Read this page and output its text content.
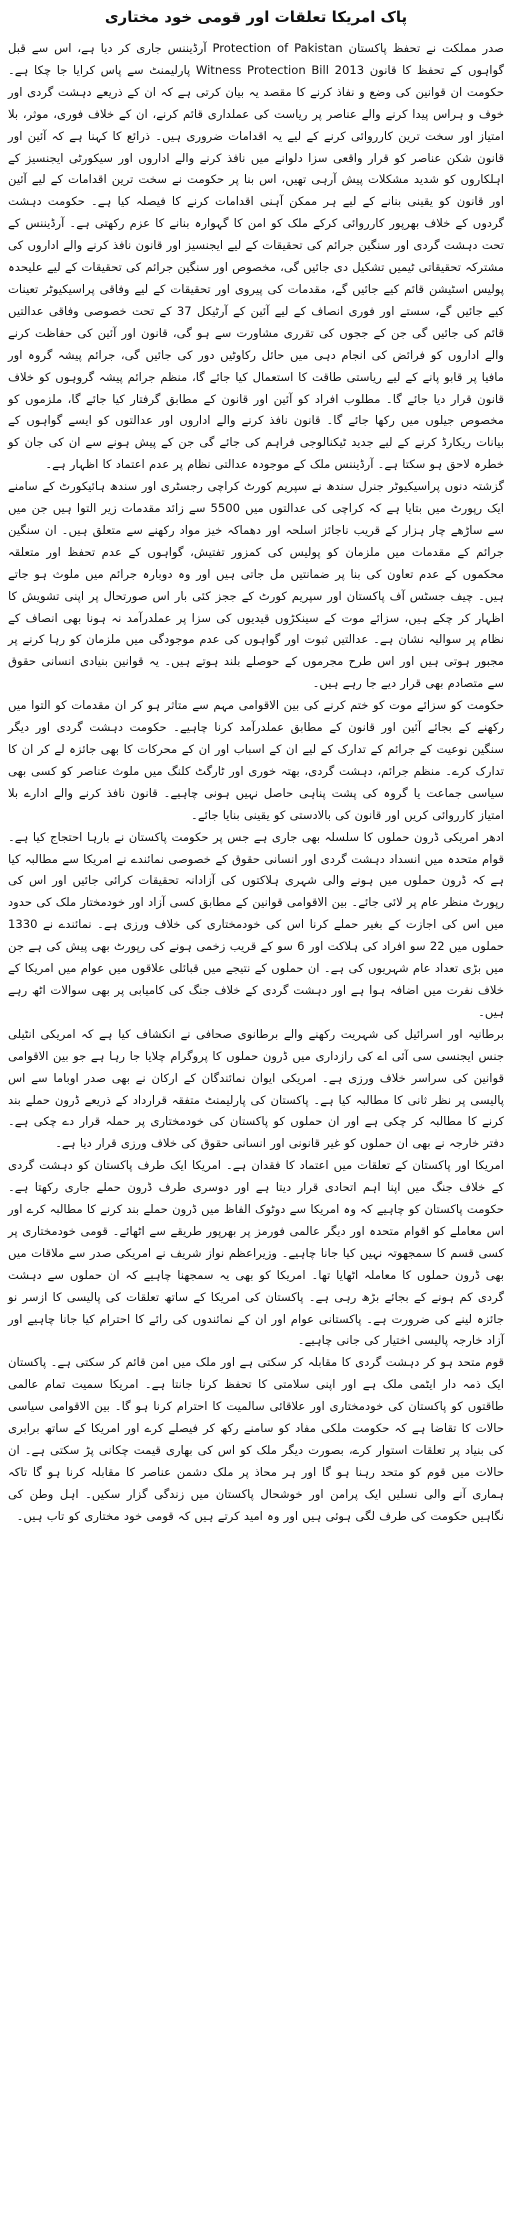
پاک امریکا تعلقات اور قومی خود مختاری

صدر مملکت نے تحفظ پاکستان Protection of Pakistan آرڈیننس جاری کر دیا ہے، اس سے قبل گواہوں کے تحفظ کا قانون Witness Protection Bill 2013 پارلیمنٹ سے پاس کرایا جا چکا ہے۔ حکومت ان قوانین کی وضع و نفاذ کرنے کا مقصد یہ بیان کرتی ہے کہ ان کے ذریعے دہشت گردی اور خوف و ہراس پیدا کرنے والے عناصر پر ریاست کی عملداری قائم کرنے، ان کے خلاف فوری، موثر، بلا امتیاز اور سخت ترین کارروائی کرنے کے لیے یہ اقدامات ضروری ہیں۔ ذرائع کا کہنا ہے کہ آئین اور قانون شکن عناصر کو قرار واقعی سزا دلوانے میں نافذ کرنے والے اداروں اور سیکورٹی ایجنسیز کے اہلکاروں کو شدید مشکلات پیش آرہی تھیں، اس بنا پر حکومت نے سخت ترین اقدامات کے لیے آئین اور قانون کو یقینی بنانے کے لیے ہر ممکن آہنی اقدامات کرنے کا فیصلہ کیا ہے۔ حکومت دہشت گردوں کے خلاف بھرپور کارروائی کرکے ملک کو امن کا گہوارہ بنانے کا عزم رکھتی ہے۔ آرڈیننس کے تحت دہشت گردی اور سنگین جرائم کی تحقیقات کے لیے ایجنسیز اور قانون نافذ کرنے والے اداروں کی مشترکہ تحقیقاتی ٹیمیں تشکیل دی جائیں گی، مخصوص اور سنگین جرائم کی تحقیقات کے لیے علیحدہ پولیس اسٹیشن قائم کیے جائیں گے، مقدمات کی پیروی اور تحقیقات کے لیے وفاقی پراسیکیوٹر تعینات کیے جائیں گے، سستے اور فوری انصاف کے لیے آئین کے آرٹیکل 37 کے تحت خصوصی وفاقی عدالتیں قائم کی جائیں گی جن کے ججوں کی تقرری مشاورت سے ہو گی، قانون اور آئین کی حفاظت کرنے والے اداروں کو فرائض کی انجام دہی میں حائل رکاوٹیں دور کی جائیں گی، جرائم پیشہ گروہ اور مافیا پر قابو پانے کے لیے ریاستی طاقت کا استعمال کیا جائے گا، منظم جرائم پیشہ گروہوں کو خلاف قانون قرار دیا جائے گا۔ مطلوب افراد کو آئین اور قانون کے مطابق گرفتار کیا جائے گا، ملزموں کو مخصوص جیلوں میں رکھا جائے گا۔ قانون نافذ کرنے والے اداروں اور عدالتوں کو ایسے گواہوں کے بیانات ریکارڈ کرنے کے لیے جدید ٹیکنالوجی فراہم کی جائے گی جن کے پیش ہونے سے ان کی جان کو خطرہ لاحق ہو سکتا ہے۔ آرڈیننس ملک کے موجودہ عدالتی نظام پر عدم اعتماد کا اظہار ہے۔

گزشتہ دنوں پراسیکیوٹر جنرل سندھ نے سپریم کورٹ کراچی رجسٹری اور سندھ ہائیکورٹ کے سامنے ایک رپورٹ میں بتایا ہے کہ کراچی کی عدالتوں میں 5500 سے زائد مقدمات زیر التوا ہیں جن میں سے ساڑھے چار ہزار کے قریب ناجائز اسلحہ اور دھماکہ خیز مواد رکھنے سے متعلق ہیں۔ ان سنگین جرائم کے مقدمات میں ملزمان کو پولیس کی کمزور تفتیش، گواہوں کے عدم تحفظ اور متعلقہ محکموں کے عدم تعاون کی بنا پر ضمانتیں مل جاتی ہیں اور وہ دوبارہ جرائم میں ملوث ہو جاتے ہیں۔ چیف جسٹس آف پاکستان اور سپریم کورٹ کے ججز کئی بار اس صورتحال پر اپنی تشویش کا اظہار کر چکے ہیں، سزائے موت کے سینکڑوں قیدیوں کی سزا پر عملدرآمد نہ ہونا بھی انصاف کے نظام پر سوالیہ نشان ہے۔ عدالتیں ثبوت اور گواہوں کی عدم موجودگی میں ملزمان کو رہا کرنے پر مجبور ہوتی ہیں اور اس طرح مجرموں کے حوصلے بلند ہوتے ہیں۔ یہ قوانین بنیادی انسانی حقوق سے متصادم بھی قرار دیے جا رہے ہیں۔

حکومت کو سزائے موت کو ختم کرنے کی بین الاقوامی مہم سے متاثر ہو کر ان مقدمات کو التوا میں رکھنے کے بجائے آئین اور قانون کے مطابق عملدرآمد کرنا چاہیے۔ حکومت دہشت گردی اور دیگر سنگین نوعیت کے جرائم کے تدارک کے لیے ان کے اسباب اور ان کے محرکات کا بھی جائزہ لے کر ان کا تدارک کرے۔ منظم جرائم، دہشت گردی، بھتہ خوری اور ٹارگٹ کلنگ میں ملوث عناصر کو کسی بھی سیاسی جماعت یا گروہ کی پشت پناہی حاصل نہیں ہونی چاہیے۔ قانون نافذ کرنے والے ادارے بلا امتیاز کارروائی کریں اور قانون کی بالادستی کو یقینی بنایا جائے۔

ادھر امریکی ڈرون حملوں کا سلسلہ بھی جاری ہے جس پر حکومت پاکستان نے بارہا احتجاج کیا ہے۔ قوام متحدہ میں انسداد دہشت گردی اور انسانی حقوق کے خصوصی نمائندے نے امریکا سے مطالبہ کیا ہے کہ ڈرون حملوں میں ہونے والی شہری ہلاکتوں کی آزادانہ تحقیقات کرائی جائیں اور اس کی رپورٹ منظر عام پر لائی جائے۔ بین الاقوامی قوانین کے مطابق کسی آزاد اور خودمختار ملک کی حدود میں اس کی اجازت کے بغیر حملے کرنا اس کی خودمختاری کی خلاف ورزی ہے۔ نمائندے نے 1330 حملوں میں 22 سو افراد کی ہلاکت اور 6 سو کے قریب زخمی ہونے کی رپورٹ بھی پیش کی ہے جن میں بڑی تعداد عام شہریوں کی ہے۔ ان حملوں کے نتیجے میں قبائلی علاقوں میں عوام میں امریکا کے خلاف نفرت میں اضافہ ہوا ہے اور دہشت گردی کے خلاف جنگ کی کامیابی پر بھی سوالات اٹھ رہے ہیں۔

برطانیہ اور اسرائیل کی شہریت رکھنے والے برطانوی صحافی نے انکشاف کیا ہے کہ امریکی انٹیلی جنس ایجنسی سی آئی اے کی رازداری میں ڈرون حملوں کا پروگرام چلایا جا رہا ہے جو بین الاقوامی قوانین کی سراسر خلاف ورزی ہے۔ امریکی ایوان نمائندگان کے ارکان نے بھی صدر اوباما سے اس پالیسی پر نظر ثانی کا مطالبہ کیا ہے۔ پاکستان کی پارلیمنٹ متفقہ قرارداد کے ذریعے ڈرون حملے بند کرنے کا مطالبہ کر چکی ہے اور ان حملوں کو پاکستان کی خودمختاری پر حملہ قرار دے چکی ہے۔ دفتر خارجہ نے بھی ان حملوں کو غیر قانونی اور انسانی حقوق کی خلاف ورزی قرار دیا ہے۔

امریکا اور پاکستان کے تعلقات میں اعتماد کا فقدان ہے۔ امریکا ایک طرف پاکستان کو دہشت گردی کے خلاف جنگ میں اپنا اہم اتحادی قرار دیتا ہے اور دوسری طرف ڈرون حملے جاری رکھتا ہے۔ حکومت پاکستان کو چاہیے کہ وہ امریکا سے دوٹوک الفاظ میں ڈرون حملے بند کرنے کا مطالبہ کرے اور اس معاملے کو اقوام متحدہ اور دیگر عالمی فورمز پر بھرپور طریقے سے اٹھائے۔ قومی خودمختاری پر کسی قسم کا سمجھوتہ نہیں کیا جانا چاہیے۔ وزیراعظم نواز شریف نے امریکی صدر سے ملاقات میں بھی ڈرون حملوں کا معاملہ اٹھایا تھا۔ امریکا کو بھی یہ سمجھنا چاہیے کہ ان حملوں سے دہشت گردی کم ہونے کے بجائے بڑھ رہی ہے۔ پاکستان کی امریکا کے ساتھ تعلقات کی پالیسی کا ازسر نو جائزہ لینے کی ضرورت ہے۔ پاکستانی عوام اور ان کے نمائندوں کی رائے کا احترام کیا جانا چاہیے اور آزاد خارجہ پالیسی اختیار کی جانی چاہیے۔

قوم متحد ہو کر دہشت گردی کا مقابلہ کر سکتی ہے اور ملک میں امن قائم کر سکتی ہے۔ پاکستان ایک ذمہ دار ایٹمی ملک ہے اور اپنی سلامتی کا تحفظ کرنا جانتا ہے۔ امریکا سمیت تمام عالمی طاقتوں کو پاکستان کی خودمختاری اور علاقائی سالمیت کا احترام کرنا ہو گا۔ بین الاقوامی سیاسی حالات کا تقاضا ہے کہ حکومت ملکی مفاد کو سامنے رکھ کر فیصلے کرے اور امریکا کے ساتھ برابری کی بنیاد پر تعلقات استوار کرے، بصورت دیگر ملک کو اس کی بھاری قیمت چکانی پڑ سکتی ہے۔ ان حالات میں قوم کو متحد رہنا ہو گا اور ہر محاذ پر ملک دشمن عناصر کا مقابلہ کرنا ہو گا تاکہ ہماری آنے والی نسلیں ایک پرامن اور خوشحال پاکستان میں زندگی گزار سکیں۔ اہل وطن کی نگاہیں حکومت کی طرف لگی ہوئی ہیں اور وہ امید کرتے ہیں کہ قومی خود مختاری کو تاب ہیں۔
